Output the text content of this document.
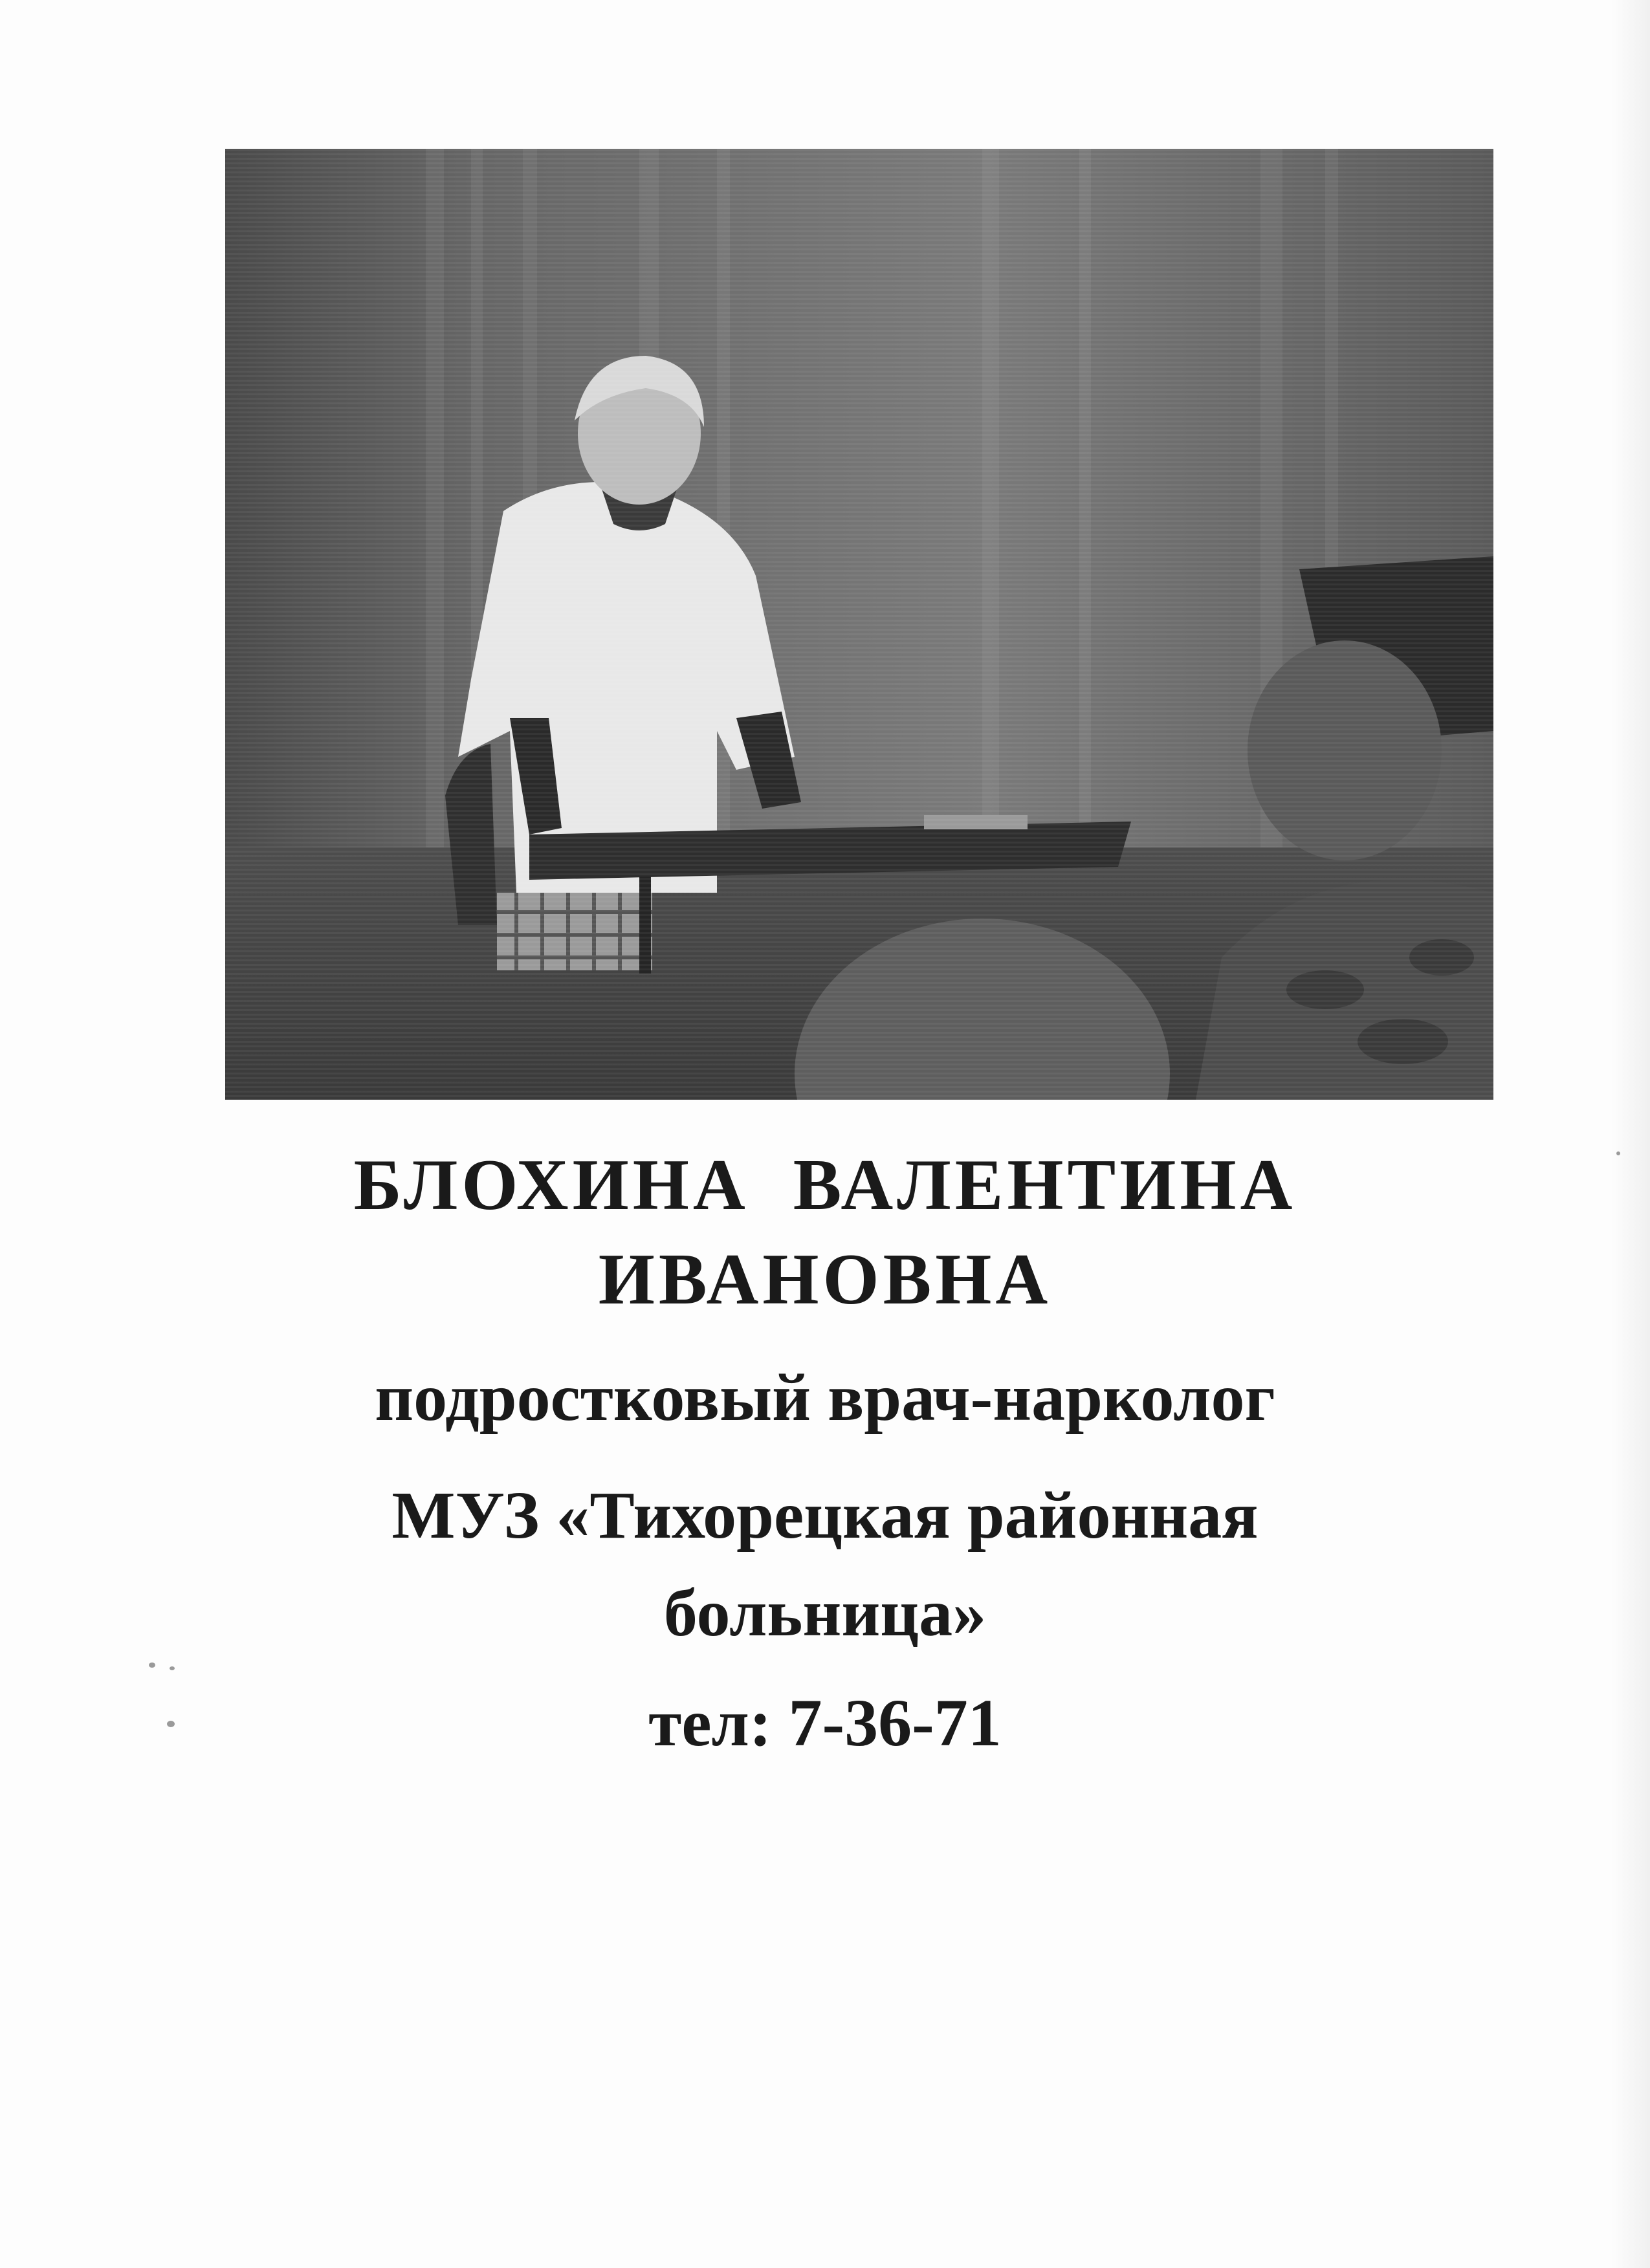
БЛОХИНА  ВАЛЕНТИНА
ИВАНОВНА
подростковый врач-нарколог
МУЗ «Тихорецкая районная
больница»
тел: 7-36-71
